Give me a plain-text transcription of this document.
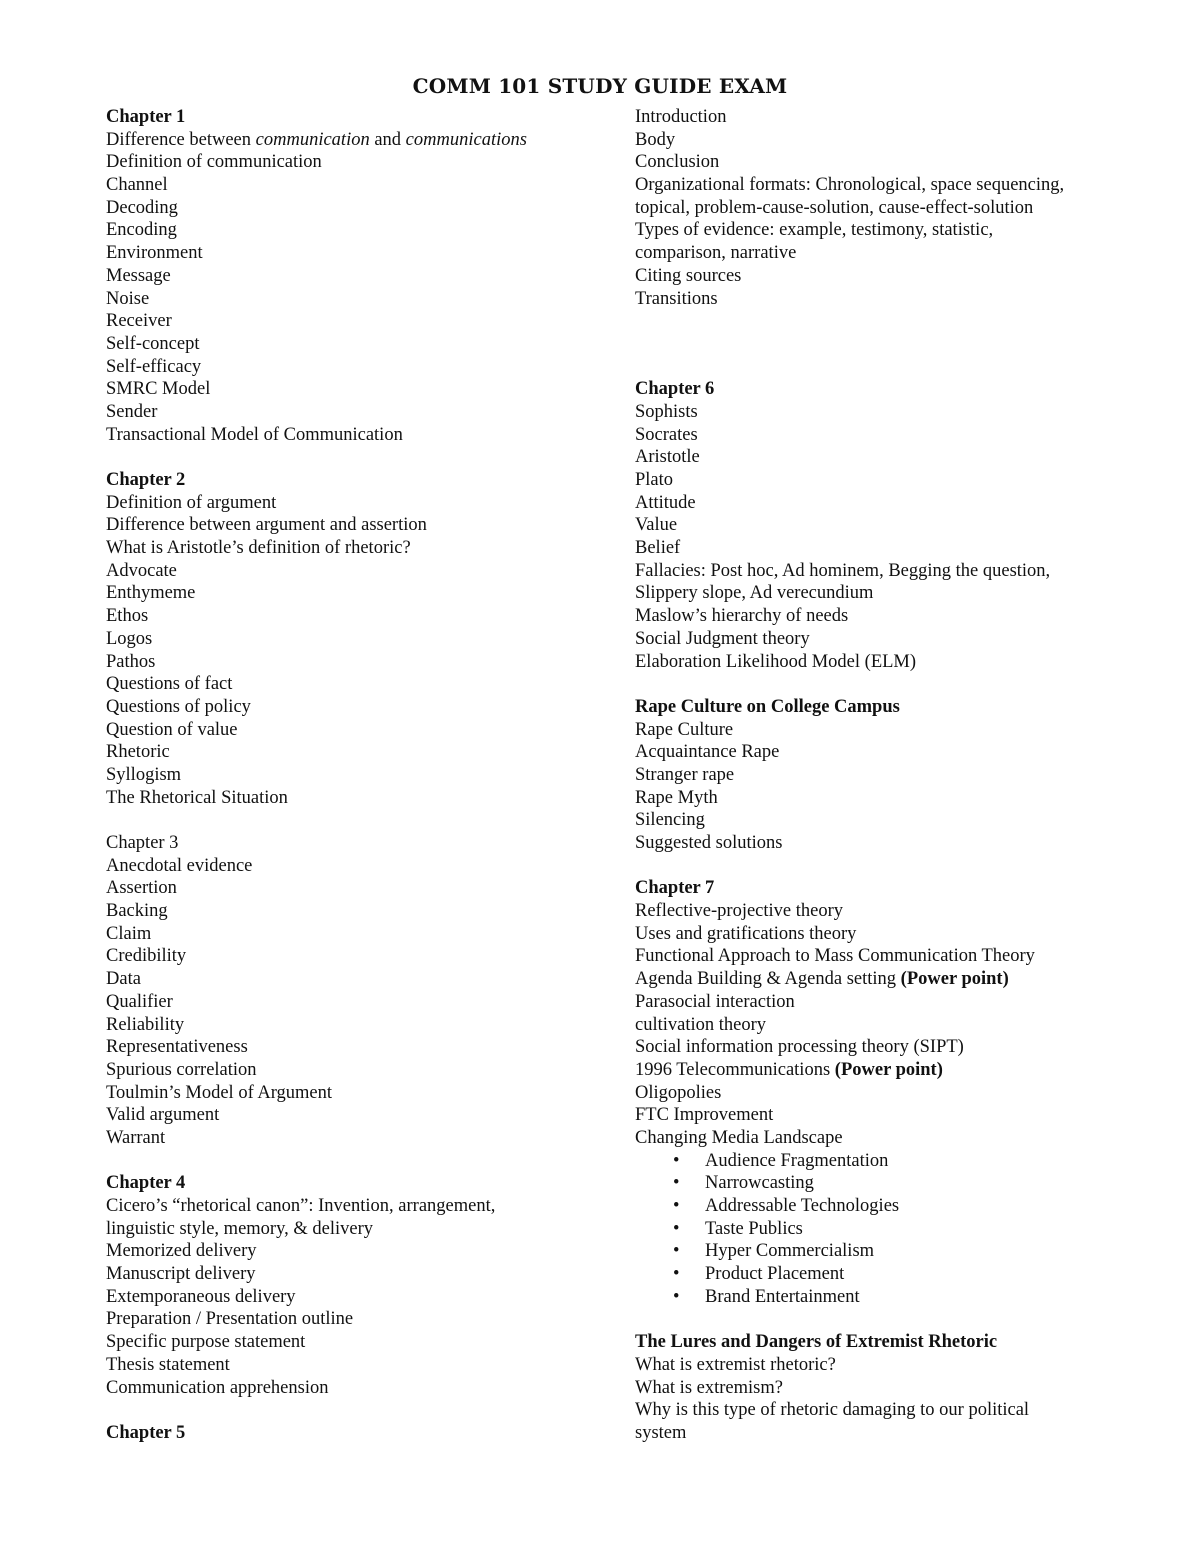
COMM 101 STUDY GUIDE EXAM
Chapter 1
Difference between communication and communications
Definition of communication
Channel
Decoding
Encoding
Environment
Message
Noise
Receiver
Self-concept
Self-efficacy
SMRC Model
Sender
Transactional Model of Communication
Chapter 2
Definition of argument
Difference between argument and assertion
What is Aristotle’s definition of rhetoric?
Advocate
Enthymeme
Ethos
Logos
Pathos
Questions of fact
Questions of policy
Question of value
Rhetoric
Syllogism
The Rhetorical Situation
Chapter 3
Anecdotal evidence
Assertion
Backing
Claim
Credibility
Data
Qualifier
Reliability
Representativeness
Spurious correlation
Toulmin’s Model of Argument
Valid argument
Warrant
Chapter 4
Cicero’s “rhetorical canon”: Invention, arrangement,
linguistic style, memory, & delivery
Memorized delivery
Manuscript delivery
Extemporaneous delivery
Preparation / Presentation outline
Specific purpose statement
Thesis statement
Communication apprehension
Chapter 5
Introduction
Body
Conclusion
Organizational formats: Chronological, space sequencing,
topical, problem-cause-solution, cause-effect-solution
Types of evidence: example, testimony, statistic,
comparison, narrative
Citing sources
Transitions
Chapter 6
Sophists
Socrates
Aristotle
Plato
Attitude
Value
Belief
Fallacies: Post hoc, Ad hominem, Begging the question,
Slippery slope, Ad verecundium
Maslow’s hierarchy of needs
Social Judgment theory
Elaboration Likelihood Model (ELM)
Rape Culture on College Campus
Rape Culture
Acquaintance Rape
Stranger rape
Rape Myth
Silencing
Suggested solutions
Chapter 7
Reflective-projective theory
Uses and gratifications theory
Functional Approach to Mass Communication Theory
Agenda Building & Agenda setting (Power point)
Parasocial interaction
cultivation theory
Social information processing theory (SIPT)
1996 Telecommunications (Power point)
Oligopolies
FTC Improvement
Changing Media Landscape
• Audience Fragmentation
• Narrowcasting
• Addressable Technologies
• Taste Publics
• Hyper Commercialism
• Product Placement
• Brand Entertainment
The Lures and Dangers of Extremist Rhetoric
What is extremist rhetoric?
What is extremism?
Why is this type of rhetoric damaging to our political
system
